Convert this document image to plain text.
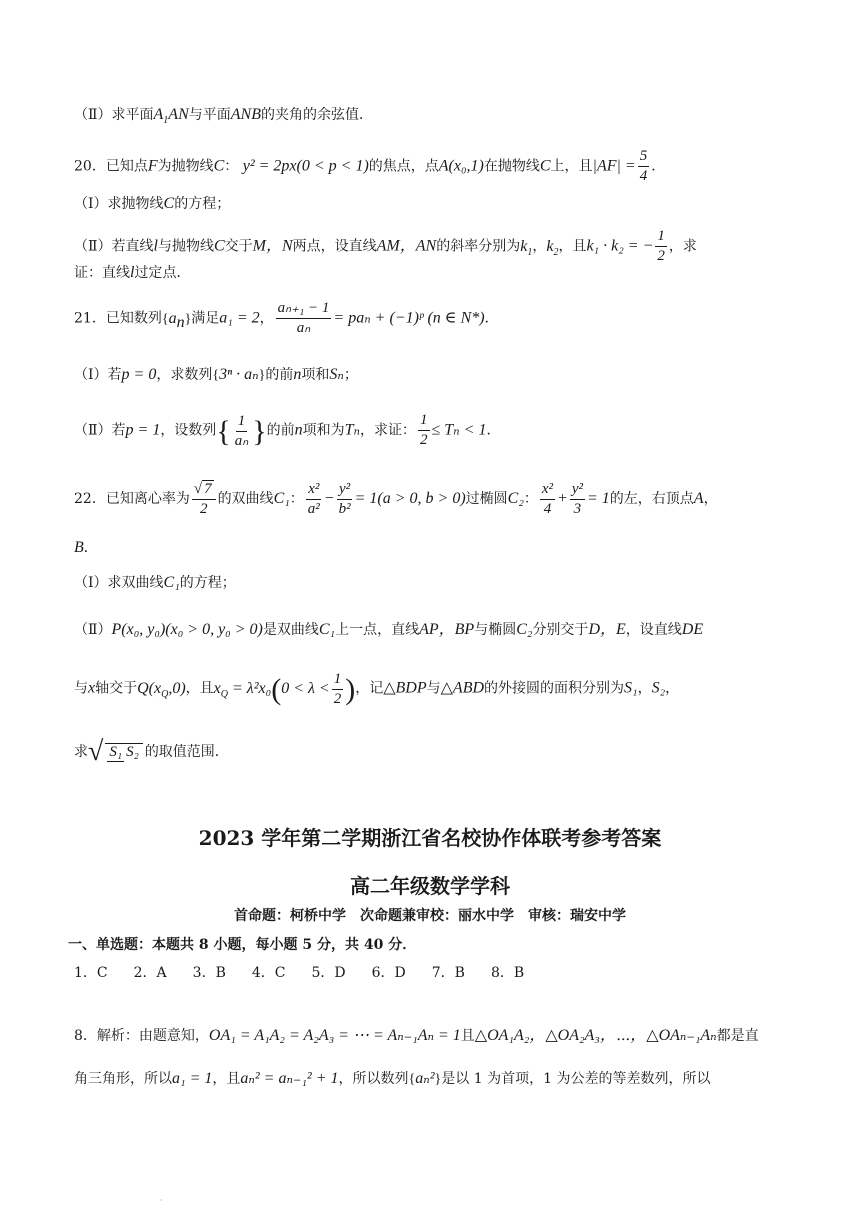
（Ⅱ）求平面$A_1AN$与平面ANB的夹角的余弦值．
20．已知点F为抛物线C： y² = 2px(0 < p < 1)的焦点，点A(x₀,1)在抛物线C上，且$|AF| = \frac{5}{4}$ ．
（Ⅰ）求抛物线C的方程；
（Ⅱ）若直线l与抛物线C交于M，N两点，设直线AM，AN的斜率分别为$k_1$，$k_2$，且k₁ · k₂ = − $\frac{1}{2}$ ，求
证：直线l过定点．
21．已知数列$\{a_n\}$满足a₁ = 2， $\frac{\text{aₙ₊₁ − 1}}{\text{aₙ}} = pa_n$ + (−1)ᵖ (n ∈ N*)．
（Ⅰ）若p = 0，求数列{3ⁿ · aₙ}的前n项和Sₙ；
（Ⅱ）若p = 1，设数列{ $\frac{1}{\text{aₙ}}$ }的前n项和为Tₙ，求证： $\frac{1}{2} \le T_n < 1$．
22．已知离心率为 $\frac{√ 7}{2}$ 的双曲线C₁： $\frac{\text{x²}}{\text{a²}} - \frac{\text{y²}}{\text{b²}} = 1(a > 0$, b > 0)过椭圆C₂： $\frac{\text{x²}}{4} + \frac{\text{y²}}{3} = 1$的左，右顶点A，
B．
（Ⅰ）求双曲线C₁的方程；
（Ⅱ）P(x₀, y₀)(x₀ > 0, y₀ > 0)是双曲线C₁上一点，直线AP，BP与椭圆C₂分别交于D，E，设直线DE
与x轴交于$Q(x_Q,0)$，且$x_Q = \lambda^2x_0(0 < \lambda < \frac{1}{2}$ )，记△BDP与△ABD的外接圆的面积分别为S₁，S₂，
求√ S₁ S₂ 的取值范围．
2023 学年第二学期浙江省名校协作体联考参考答案
高二年级数学学科
首命题：柯桥中学　次命题兼审校：丽水中学　审核：瑞安中学
一、单选题：本题共 8 小题，每小题 5 分，共 40 分．
1．C 2．A 3．B 4．C 5．D 6．D 7．B 8．B
8．解析：由题意知，OA₁ = A₁A₂ = A₂A₃ = ⋯ = Aₙ₋₁Aₙ = 1且△OA₁A₂，△OA₂A₃，⋯，△OAₙ₋₁Aₙ都是直
角三角形，所以a₁ = 1，且aₙ² = aₙ₋₁² + 1，所以数列{aₙ²}是以 1 为首项，1 为公差的等差数列，所以
·
